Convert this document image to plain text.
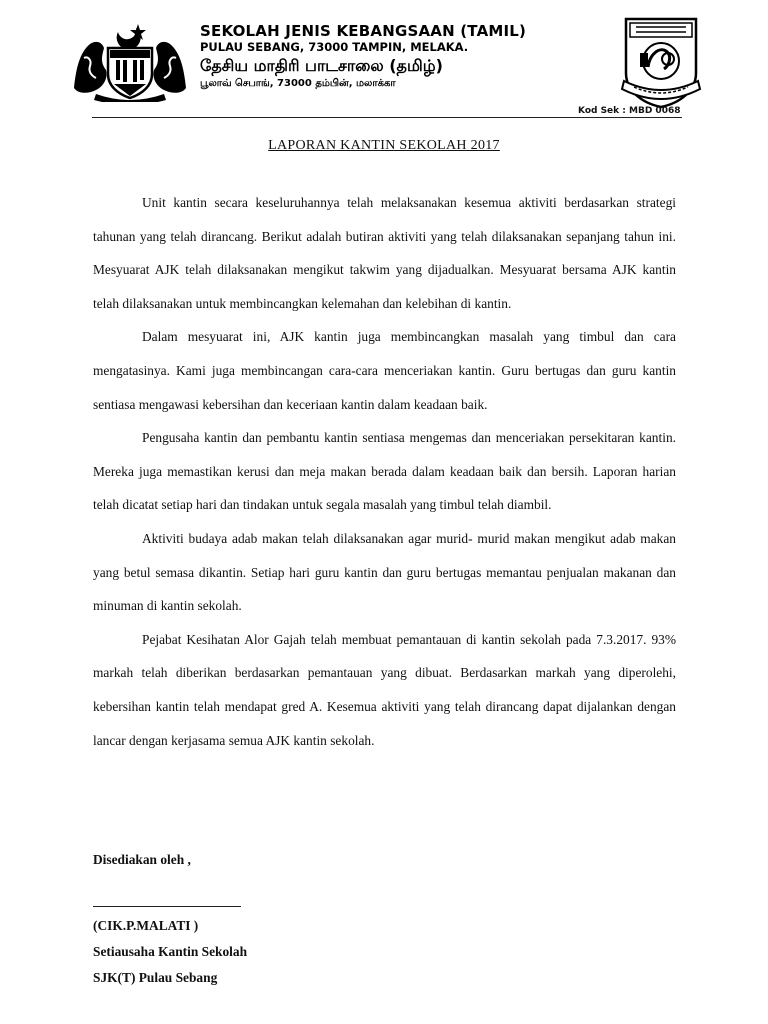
SEKOLAH JENIS KEBANGSAAN (TAMIL)
PULAU SEBANG, 73000 TAMPIN, MELAKA.
தேசிய மாதிரி பாடசாலை (தமிழ்)
பூலாவ் செபாங், 73000 தம்பின், மலாக்கா
Kod Sek : MBD 0068
LAPORAN KANTIN SEKOLAH 2017

Unit kantin secara keseluruhannya telah melaksanakan kesemua aktiviti berdasarkan strategi tahunan yang telah dirancang. Berikut adalah butiran aktiviti yang telah dilaksanakan sepanjang tahun ini. Mesyuarat AJK telah dilaksanakan mengikut takwim yang dijadualkan. Mesyuarat bersama AJK kantin telah dilaksanakan untuk membincangkan kelemahan dan kelebihan di kantin.

Dalam mesyuarat ini, AJK kantin juga membincangkan masalah yang timbul dan cara mengatasinya. Kami juga membincangan cara-cara menceriakan kantin. Guru bertugas dan guru kantin sentiasa mengawasi kebersihan dan keceriaan kantin dalam keadaan baik.

Pengusaha kantin dan pembantu kantin sentiasa mengemas dan menceriakan persekitaran kantin. Mereka juga memastikan kerusi dan meja makan berada dalam keadaan baik dan bersih. Laporan harian telah dicatat setiap hari dan tindakan untuk segala masalah yang timbul telah diambil.

Aktiviti budaya adab makan telah dilaksanakan agar murid- murid makan mengikut adab makan yang betul semasa dikantin. Setiap hari guru kantin dan guru bertugas memantau penjualan makanan dan minuman di kantin sekolah.

Pejabat Kesihatan Alor Gajah telah membuat pemantauan di kantin sekolah pada 7.3.2017. 93% markah telah diberikan berdasarkan pemantauan yang dibuat. Berdasarkan markah yang diperolehi, kebersihan kantin telah mendapat gred A. Kesemua aktiviti yang telah dirancang dapat dijalankan dengan lancar dengan kerjasama semua AJK kantin sekolah.

Disediakan oleh ,
(CIK.P.MALATI )
Setiausaha Kantin Sekolah
SJK(T) Pulau Sebang
